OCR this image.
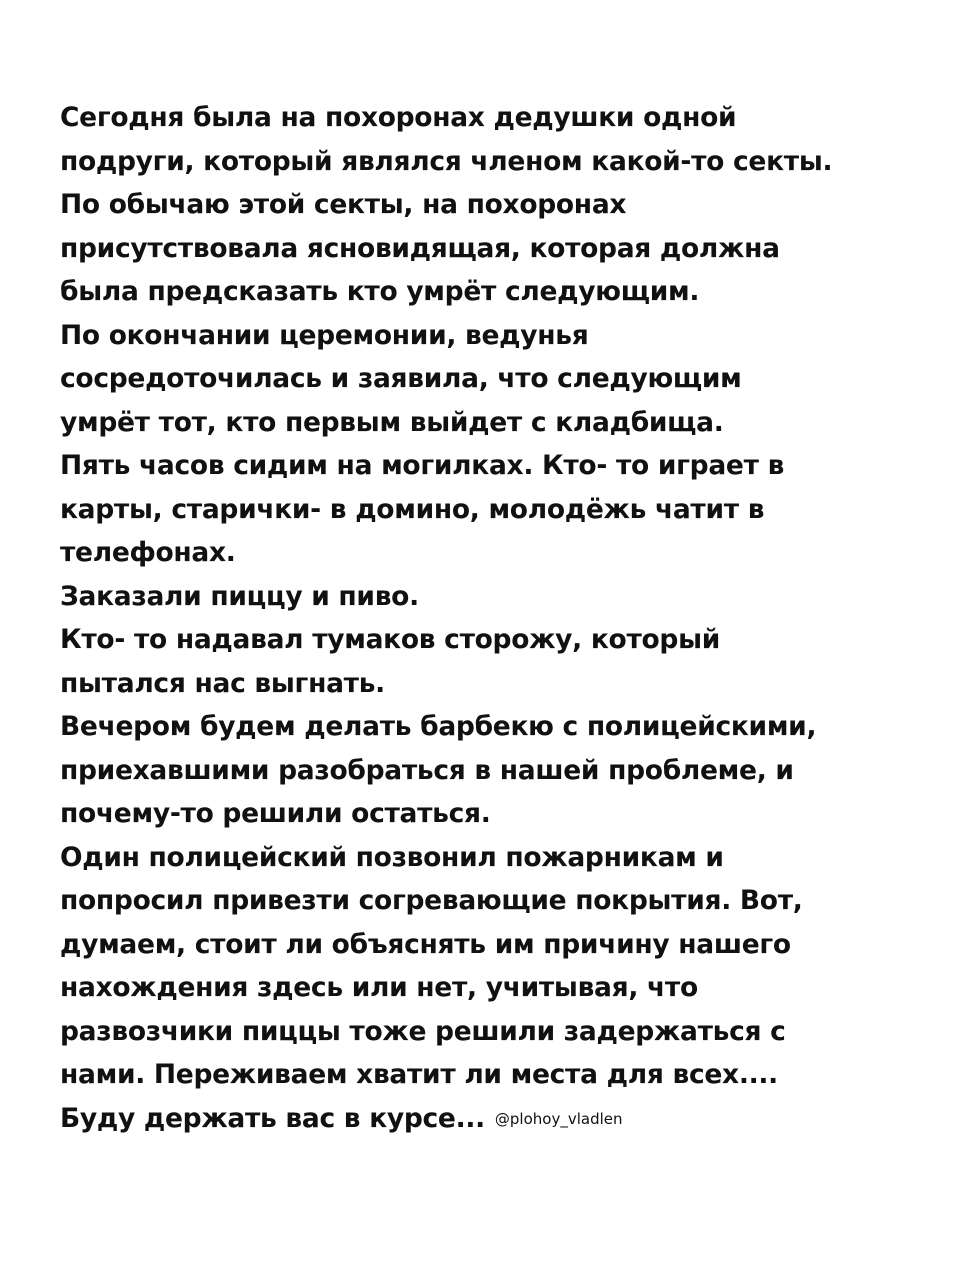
Сегодня была на похоронах дедушки одной
подруги, который являлся членом какой-то секты.
По обычаю этой секты, на похоронах
присутствовала ясновидящая, которая должна
была предсказать кто умрёт следующим.
По окончании церемонии, ведунья
сосредоточилась и заявила, что следующим
умрёт тот, кто первым выйдет с кладбища.
Пять часов сидим на могилках. Кто- то играет в
карты, старички- в домино, молодёжь чатит в
телефонах.
Заказали пиццу и пиво.
Кто- то надавал тумаков сторожу, который
пытался нас выгнать.
Вечером будем делать барбекю с полицейскими,
приехавшими разобраться в нашей проблеме, и
почему-то решили остаться.
Один полицейский позвонил пожарникам и
попросил привезти согревающие покрытия. Вот,
думаем, стоит ли объяснять им причину нашего
нахождения здесь или нет, учитывая, что
развозчики пиццы тоже решили задержаться с
нами. Переживаем хватит ли места для всех....
Буду держать вас в курсе... @plohoy_vladlen
